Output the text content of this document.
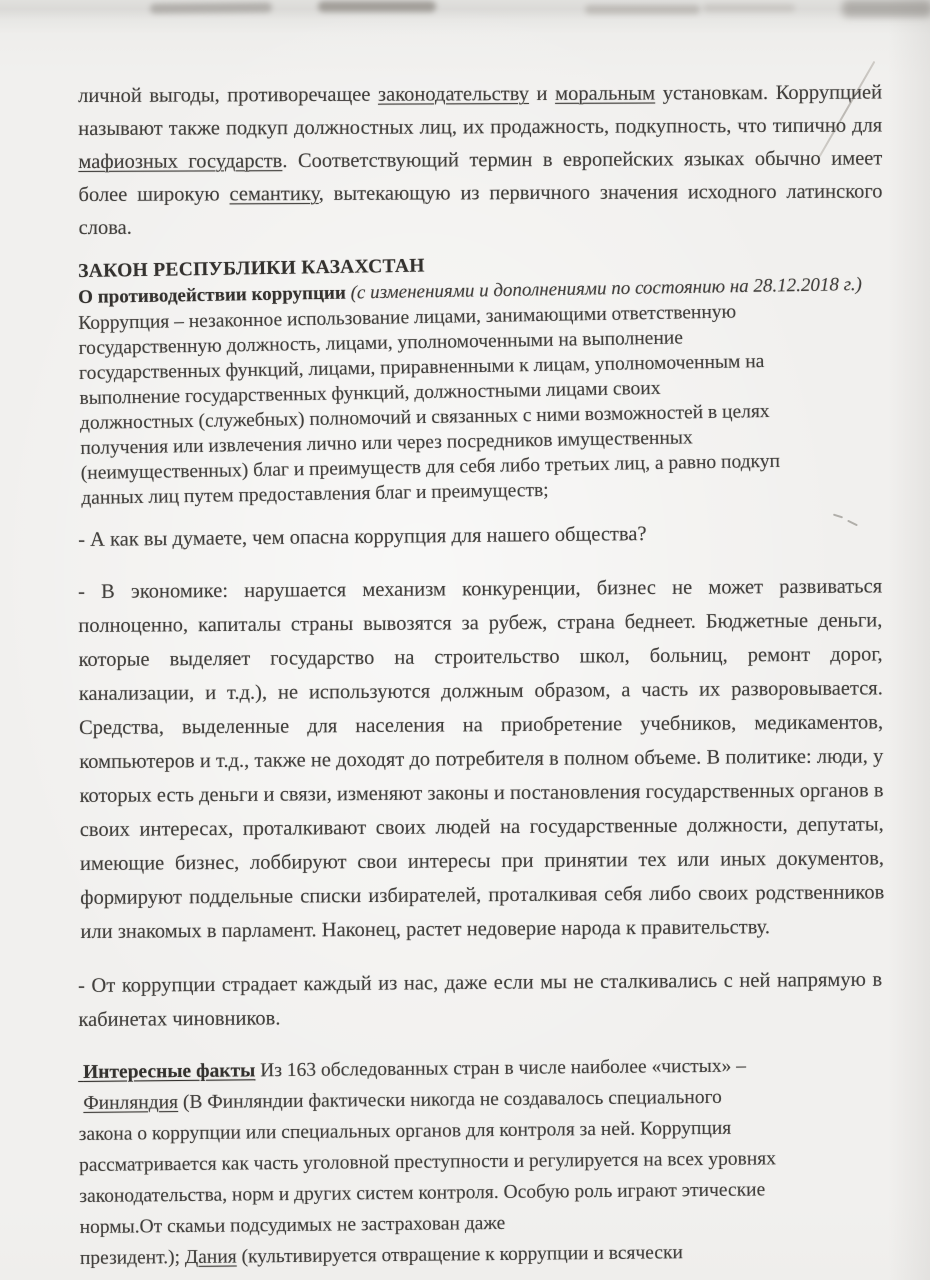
личной выгоды, противоречащее законодательству и моральным установкам. Коррупцией называют также подкуп должностных лиц, их продажность, подкупность, что типично для мафиозных государств. Соответствующий термин в европейских языках обычно имеет более широкую семантику, вытекающую из первичного значения исходного латинского слова.
ЗАКОН РЕСПУБЛИКИ КАЗАХСТАН
О противодействии коррупции (с изменениями и дополнениями по состоянию на 28.12.2018 г.)
Коррупция – незаконное использование лицами, занимающими ответственную
государственную должность, лицами, уполномоченными на выполнение
государственных функций, лицами, приравненными к лицам, уполномоченным на
выполнение государственных функций, должностными лицами своих
должностных (служебных) полномочий и связанных с ними возможностей в целях
получения или извлечения лично или через посредников имущественных
(неимущественных) благ и преимуществ для себя либо третьих лиц, а равно подкуп
данных лиц путем предоставления благ и преимуществ;
- А как вы думаете, чем опасна коррупция для нашего общества?
- В экономике: нарушается механизм конкуренции, бизнес не может развиваться полноценно, капиталы страны вывозятся за рубеж, страна беднеет. Бюджетные деньги, которые выделяет государство на строительство школ, больниц, ремонт дорог, канализации, и т.д.), не используются должным образом, а часть их разворовывается. Средства, выделенные для населения на приобретение учебников, медикаментов, компьютеров и т.д., также не доходят до потребителя в полном объеме. В политике: люди, у которых есть деньги и связи, изменяют законы и постановления государственных органов в своих интересах, проталкивают своих людей на государственные должности, депутаты, имеющие бизнес, лоббируют свои интересы при принятии тех или иных документов, формируют поддельные списки избирателей, проталкивая себя либо своих родственников или знакомых в парламент. Наконец, растет недоверие народа к правительству.
- От коррупции страдает каждый из нас, даже если мы не сталкивались с ней напрямую в кабинетах чиновников.
Интересные факты Из 163 обследованных стран в числе наиболее «чистых» –
Финляндия (В Финляндии фактически никогда не создавалось специального
закона о коррупции или специальных органов для контроля за ней. Коррупция
рассматривается как часть уголовной преступности и регулируется на всех уровнях
законодательства, норм и других систем контроля. Особую роль играют этические
нормы.От скамьи подсудимых не застрахован даже
президент.); Дания (культивируется отвращение к коррупции и всячески
